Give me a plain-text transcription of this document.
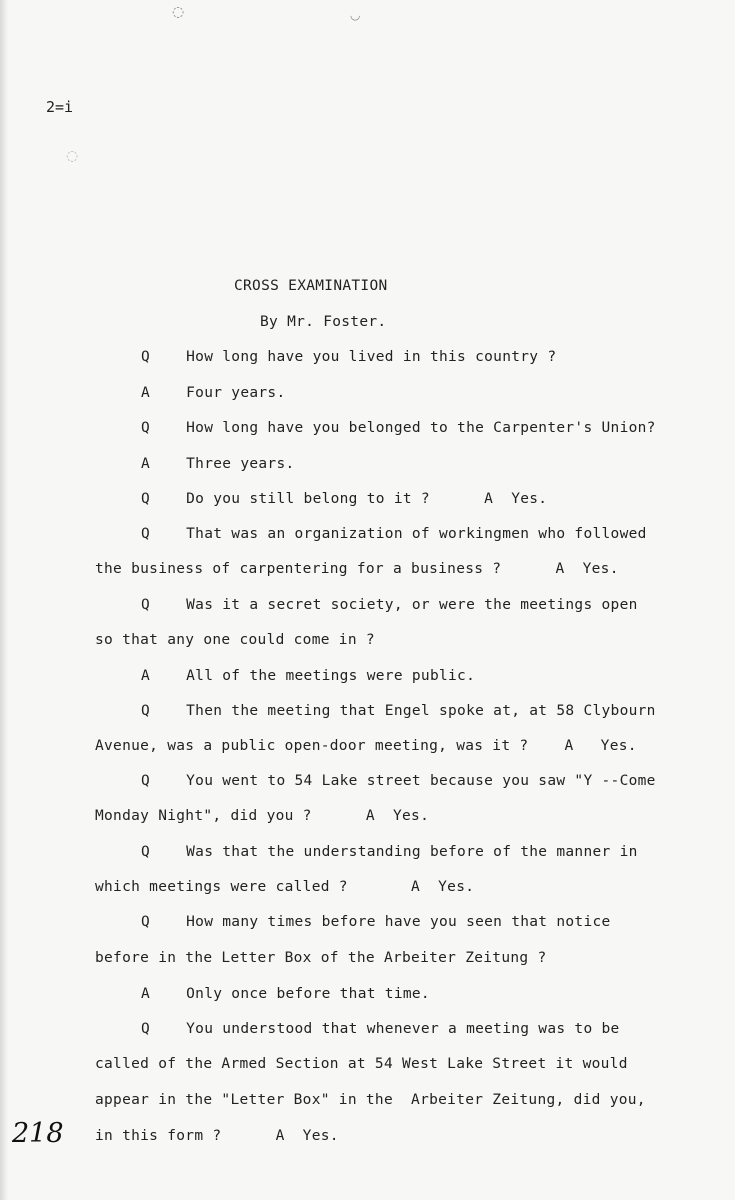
◌	◡
◌
2=i
CROSS EXAMINATION
By Mr. Foster.
Q    How long have you lived in this country ?
A    Four years.
Q    How long have you belonged to the Carpenter's Union?
A    Three years.
Q    Do you still belong to it ?      A  Yes.
Q    That was an organization of workingmen who followed
the business of carpentering for a business ?      A  Yes.
Q    Was it a secret society, or were the meetings open
so that any one could come in ?
A    All of the meetings were public.
Q    Then the meeting that Engel spoke at, at 58 Clybourn
Avenue, was a public open-door meeting, was it ?    A   Yes.
Q    You went to 54 Lake street because you saw "Y --Come
Monday Night", did you ?      A  Yes.
Q    Was that the understanding before of the manner in
which meetings were called ?       A  Yes.
Q    How many times before have you seen that notice
before in the Letter Box of the Arbeiter Zeitung ?
A    Only once before that time.
Q    You understood that whenever a meeting was to be
called of the Armed Section at 54 West Lake Street it would
appear in the "Letter Box" in the  Arbeiter Zeitung, did you,
in this form ?      A  Yes.
218
